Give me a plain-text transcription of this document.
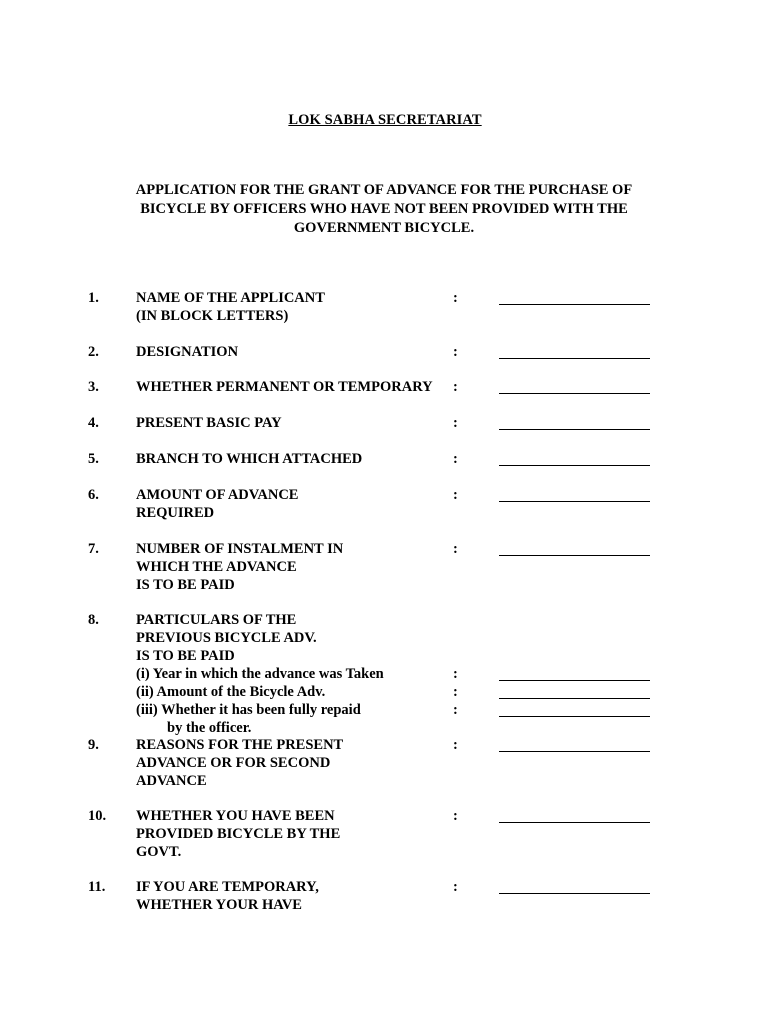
LOK SABHA SECRETARIAT
APPLICATION FOR THE GRANT OF ADVANCE FOR THE PURCHASE OF
BICYCLE BY OFFICERS WHO HAVE NOT BEEN PROVIDED WITH THE
GOVERNMENT BICYCLE.
1.	NAME OF THE APPLICANT
(IN BLOCK LETTERS)
:
2.	DESIGNATION	:
3.	WHETHER PERMANENT OR TEMPORARY	:
4.	PRESENT BASIC PAY	:
5.	BRANCH TO WHICH ATTACHED	:
6.	AMOUNT OF ADVANCE
REQUIRED
:
7.	NUMBER OF INSTALMENT IN
WHICH THE ADVANCE
IS TO BE PAID
:
8.	PARTICULARS OF THE
PREVIOUS BICYCLE ADV.
IS TO BE PAID
(i) Year in which the advance was Taken	:
(ii) Amount of the Bicycle Adv.	:
(iii) Whether it has been fully repaid
by the officer.
:
9.	REASONS FOR THE PRESENT
ADVANCE OR FOR SECOND
ADVANCE
:
10. WHETHER YOU HAVE BEEN
PROVIDED BICYCLE BY THE
GOVT.
:
11. IF YOU ARE TEMPORARY,
WHETHER YOUR HAVE
:
